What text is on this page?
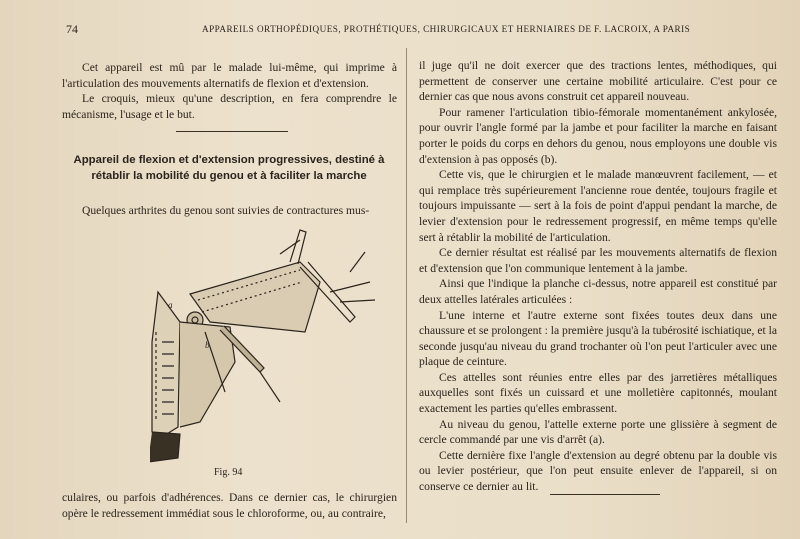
74	APPAREILS ORTHOPÉDIQUES, PROTHÉTIQUES, CHIRURGICAUX ET HERNIAIRES DE F. LACROIX, A PARIS

Cet appareil est mû par le malade lui-même, qui imprime à l'articulation des mouvements alternatifs de flexion et d'extension.

Le croquis, mieux qu'une description, en fera comprendre le mécanisme, l'usage et le but.

Appareil de flexion et d'extension progressives, destiné à rétablir la mobilité du genou et à faciliter la marche

Quelques arthrites du genou sont suivies de contractures mus-

a
b
Fig. 94

culaires, ou parfois d'adhérences. Dans ce dernier cas, le chirurgien opère le redressement immédiat sous le chloroforme, ou, au contraire,

il juge qu'il ne doit exercer que des tractions lentes, méthodiques, qui permettent de conserver une certaine mobilité articulaire. C'est pour ce dernier cas que nous avons construit cet appareil nouveau.

Pour ramener l'articulation tibio-fémorale momentanément ankylosée, pour ouvrir l'angle formé par la jambe et pour faciliter la marche en faisant porter le poids du corps en dehors du genou, nous employons une double vis d'extension à pas opposés (b).

Cette vis, que le chirurgien et le malade manœuvrent facilement, — et qui remplace très supérieurement l'ancienne roue dentée, toujours fragile et toujours impuissante — sert à la fois de point d'appui pendant la marche, de levier d'extension pour le redressement progressif, en même temps qu'elle sert à rétablir la mobilité de l'articulation.

Ce dernier résultat est réalisé par les mouvements alternatifs de flexion et d'extension que l'on communique lentement à la jambe.

Ainsi que l'indique la planche ci-dessus, notre appareil est constitué par deux attelles latérales articulées :

L'une interne et l'autre externe sont fixées toutes deux dans une chaussure et se prolongent : la première jusqu'à la tubérosité ischiatique, et la seconde jusqu'au niveau du grand trochanter où l'on peut l'articuler avec une plaque de ceinture.

Ces attelles sont réunies entre elles par des jarretières métalliques auxquelles sont fixés un cuissard et une molletière capitonnés, moulant exactement les parties qu'elles embrassent.

Au niveau du genou, l'attelle externe porte une glissière à segment de cercle commandé par une vis d'arrêt (a).

Cette dernière fixe l'angle d'extension au degré obtenu par la double vis ou levier postérieur, que l'on peut ensuite enlever de l'appareil, si on conserve ce dernier au lit.
